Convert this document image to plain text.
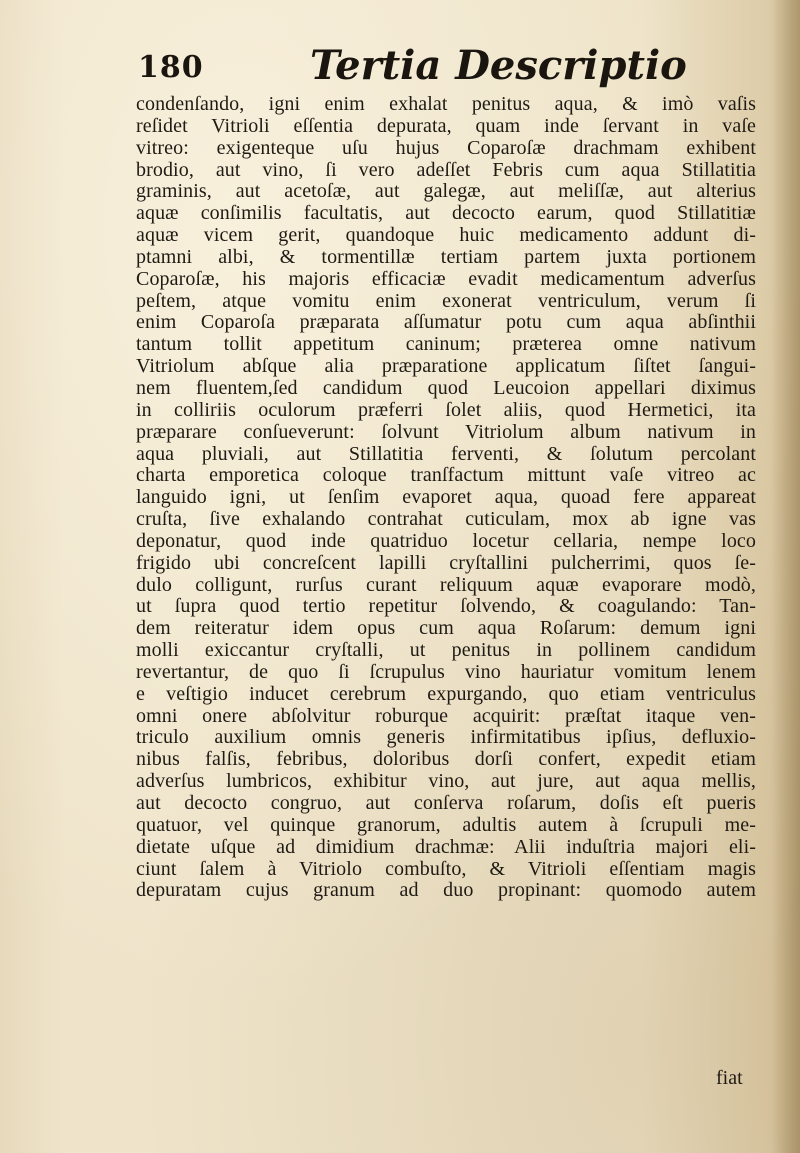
180	Tertia Descriptio
condenſando, igni enim exhalat penitus aqua, & imò vaſis
reſidet Vitrioli eſſentia depurata, quam inde ſervant in vaſe
vitreo: exigenteque uſu hujus Coparoſæ drachmam exhibent
brodio, aut vino, ſi vero adeſſet Febris cum aqua Stillatitia
graminis, aut acetoſæ, aut galegæ, aut meliſſæ, aut alterius
aquæ conſimilis facultatis, aut decocto earum, quod Stillatitiæ
aquæ vicem gerit, quandoque huic medicamento addunt di-
ptamni albi, & tormentillæ tertiam partem juxta portionem
Coparoſæ, his majoris efficaciæ evadit medicamentum adverſus
peſtem, atque vomitu enim exonerat ventriculum, verum ſi
enim Coparoſa præparata aſſumatur potu cum aqua abſinthii
tantum tollit appetitum caninum; præterea omne nativum
Vitriolum abſque alia præparatione applicatum ſiſtet ſangui-
nem fluentem,ſed candidum quod Leucoion appellari diximus
in colliriis oculorum præferri ſolet aliis, quod Hermetici, ita
præparare conſueverunt: ſolvunt Vitriolum album nativum in
aqua pluviali, aut Stillatitia ferventi, & ſolutum percolant
charta emporetica coloque tranſfactum mittunt vaſe vitreo ac
languido igni, ut ſenſim evaporet aqua, quoad fere appareat
cruſta, ſive exhalando contrahat cuticulam, mox ab igne vas
deponatur, quod inde quatriduo locetur cellaria, nempe loco
frigido ubi concreſcent lapilli cryſtallini pulcherrimi, quos ſe-
dulo colligunt, rurſus curant reliquum aquæ evaporare modò,
ut ſupra quod tertio repetitur ſolvendo, & coagulando: Tan-
dem reiteratur idem opus cum aqua Roſarum: demum igni
molli exiccantur cryſtalli, ut penitus in pollinem candidum
revertantur, de quo ſi ſcrupulus vino hauriatur vomitum lenem
e veſtigio inducet cerebrum expurgando, quo etiam ventriculus
omni onere abſolvitur roburque acquirit: præſtat itaque ven-
triculo auxilium omnis generis infirmitatibus ipſius, defluxio-
nibus falſis, febribus, doloribus dorſi confert, expedit etiam
adverſus lumbricos, exhibitur vino, aut jure, aut aqua mellis,
aut decocto congruo, aut conſerva roſarum, doſis eſt pueris
quatuor, vel quinque granorum, adultis autem à ſcrupuli me-
dietate uſque ad dimidium drachmæ: Alii induſtria majori eli-
ciunt ſalem à Vitriolo combuſto, & Vitrioli eſſentiam magis
depuratam cujus granum ad duo propinant: quomodo autem
fiat
